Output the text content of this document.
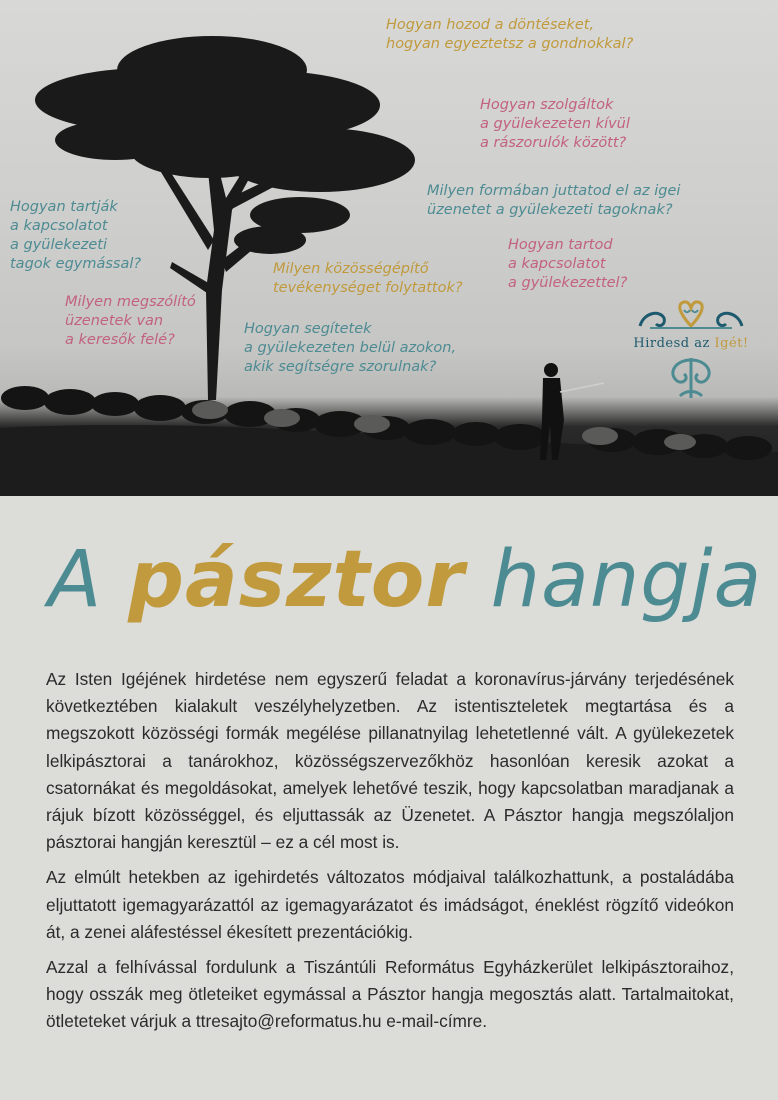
Hogyan hozod a döntéseket,
hogyan egyeztetsz a gondnokkal?

Hogyan szolgáltok
a gyülekezeten kívül
a rászorulók között?

Milyen formában juttatod el az igei
üzenetet a gyülekezeti tagoknak?

Hogyan tartják
a kapcsolatot
a gyülekezeti
tagok egymással?

Hogyan tartod
a kapcsolatot
a gyülekezettel?

Milyen közösségépítő
tevékenységet folytattok?

Milyen megszólító
üzenetek van
a keresők felé?

Hogyan segítetek
a gyülekezeten belül azokon,
akik segítségre szorulnak?

Hirdesd az Igét!
A pásztor hangja

Az Isten Igéjének hirdetése nem egyszerű feladat a koronavírus-járvány terjedésének következtében kialakult veszélyhelyzetben. Az istentiszteletek megtartása és a megszokott közösségi formák megélése pillanatnyilag lehetetlenné vált. A gyülekezetek lelkipásztorai a tanárokhoz, közösségszervezőkhöz hasonlóan keresik azokat a csatornákat és megoldásokat, amelyek lehetővé teszik, hogy kapcsolatban maradjanak a rájuk bízott közösséggel, és eljuttassák az Üzenetet. A Pásztor hangja megszólaljon pásztorai hangján keresztül – ez a cél most is.

Az elmúlt hetekben az igehirdetés változatos módjaival találkozhattunk, a postaládába eljuttatott igemagyarázattól az igemagyarázatot és imádságot, éneklést rögzítő videókon át, a zenei aláfestéssel ékesített prezentációkig.

Azzal a felhívással fordulunk a Tiszántúli Református Egyházkerület lelkipásztoraihoz, hogy osszák meg ötleteiket egymással a Pásztor hangja megosztás alatt. Tartalmaitokat, ötleteteket várjuk a ttresajto@reformatus.hu e-mail-címre.
